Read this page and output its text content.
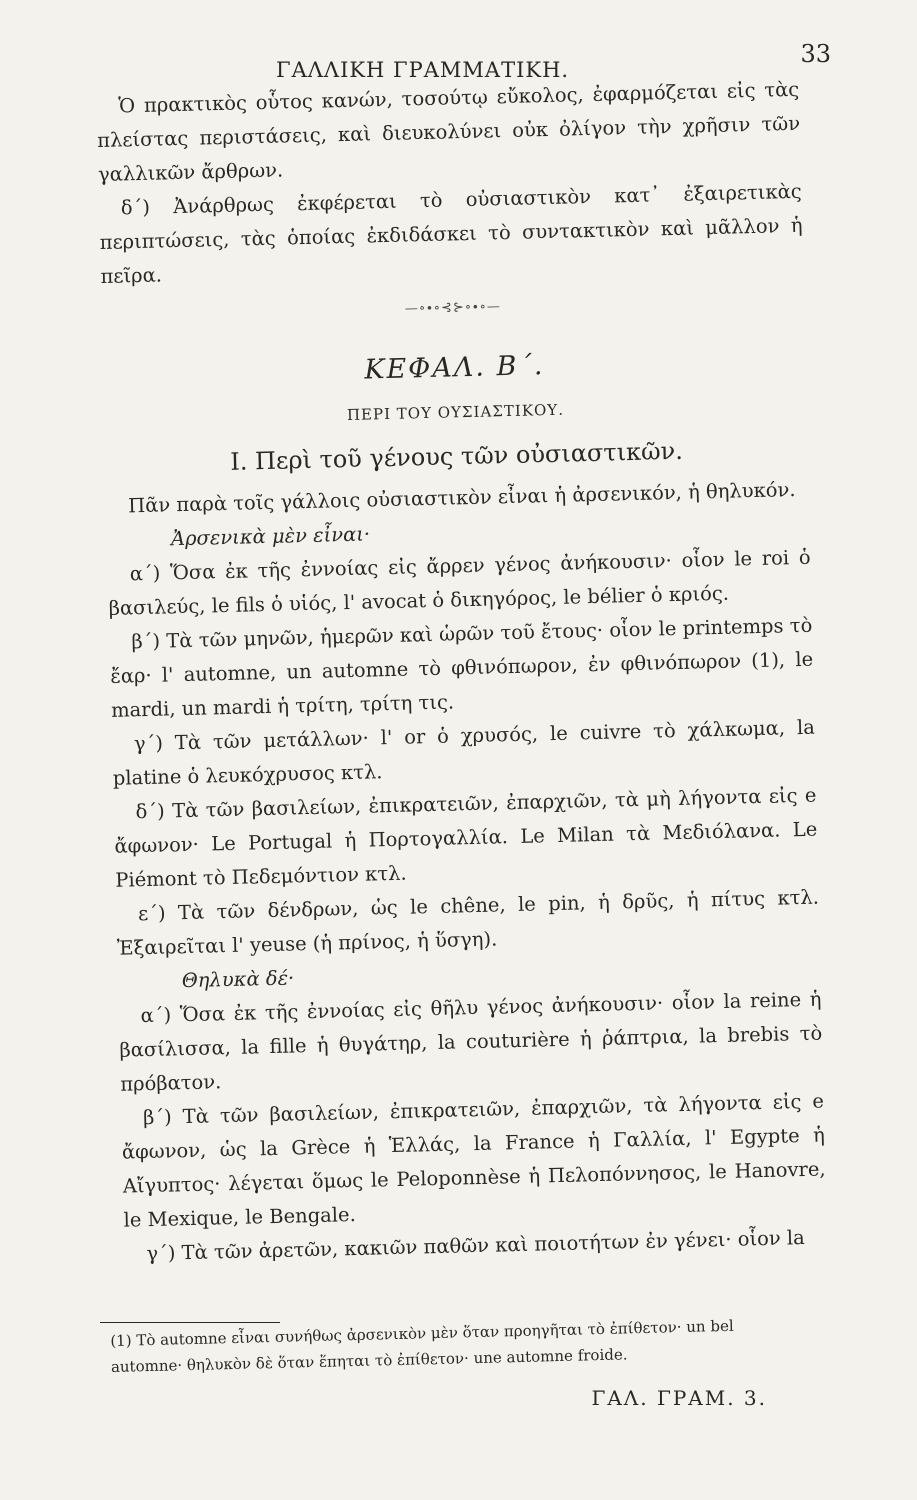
ΓΑΛΛΙΚΗ ΓΡΑΜΜΑΤΙΚΗ.
33

Ὁ πρακτικὸς οὗτος κανών, τοσούτῳ εὔκολος, ἐφαρμόζεται εἰς τὰς πλείστας περιστάσεις, καὶ διευκολύνει οὐκ ὀλίγον τὴν χρῆσιν τῶν γαλλικῶν ἄρθρων.

δ΄) Ἀνάρθρως ἐκφέρεται τὸ οὐσιαστικὸν κατ᾽ ἐξαιρετικὰς περιπτώσεις, τὰς ὁποίας ἐκδιδάσκει τὸ συντακτικὸν καὶ μᾶλλον ἡ πεῖρα.

—∘∙∘⊰⊱∘∙∘—
ΚΕΦΑΛ. Β΄.
ΠΕΡΙ ΤΟΥ ΟΥΣΙΑΣΤΙΚΟΥ.
Ι. Περὶ τοῦ γένους τῶν οὐσιαστικῶν.

Πᾶν παρὰ τοῖς γάλλοις οὐσιαστικὸν εἶναι ἡ ἀρσενικόν, ἡ θηλυκόν.

Ἀρσενικὰ μὲν εἶναι·

α΄) Ὅσα ἐκ τῆς ἐννοίας εἰς ἄρρεν γένος ἀνήκουσιν· οἷον le roi ὁ βασιλεύς, le fils ὁ υἱός, l' avocat ὁ δικηγόρος, le bélier ὁ κριός.

β΄) Τὰ τῶν μηνῶν, ἡμερῶν καὶ ὡρῶν τοῦ ἔτους· οἷον le printemps τὸ ἔαρ· l' automne, un automne τὸ φθινόπωρον, ἐν φθινόπωρον (1), le mardi, un mardi ἡ τρίτη, τρίτη τις.

γ΄) Τὰ τῶν μετάλλων· l' or ὁ χρυσός, le cuivre τὸ χάλκωμα, la platine ὁ λευκόχρυσος κτλ.

δ΄) Τὰ τῶν βασιλείων, ἐπικρατειῶν, ἐπαρχιῶν, τὰ μὴ λήγοντα εἰς e ἄφωνον· Le Portugal ἡ Πορτογαλλία. Le Milan τὰ Μεδιόλανα. Le Piémont τὸ Πεδεμόντιον κτλ.

ε΄) Τὰ τῶν δένδρων, ὡς le chêne, le pin, ἡ δρῦς, ἡ πίτυς κτλ. Ἐξαιρεῖται l' yeuse (ἡ πρίνος, ἡ ὕσγη).

Θηλυκὰ δέ·

α΄) Ὅσα ἐκ τῆς ἐννοίας εἰς θῆλυ γένος ἀνήκουσιν· οἷον la reine ἡ βασίλισσα, la fille ἡ θυγάτηρ, la couturière ἡ ῥάπτρια, la brebis τὸ πρόβατον.

β΄) Τὰ τῶν βασιλείων, ἐπικρατειῶν, ἐπαρχιῶν, τὰ λήγοντα εἰς e ἄφωνον, ὡς la Grèce ἡ Ἑλλάς, la France ἡ Γαλλία, l' Egypte ἡ Αἴγυπτος· λέγεται ὅμως le Peloponnèse ἡ Πελοπόννησος, le Hanovre, le Mexique, le Bengale.

γ΄) Τὰ τῶν ἀρετῶν, κακιῶν παθῶν καὶ ποιοτήτων ἐν γένει· οἷον la

(1) Τὸ automne εἶναι συνήθως ἀρσενικὸν μὲν ὅταν προηγῆται τὸ ἐπίθετον· un bel automne· θηλυκὸν δὲ ὅταν ἕπηται τὸ ἐπίθετον· une automne froide.
ΓΑΛ. ΓΡΑΜ. 3.
